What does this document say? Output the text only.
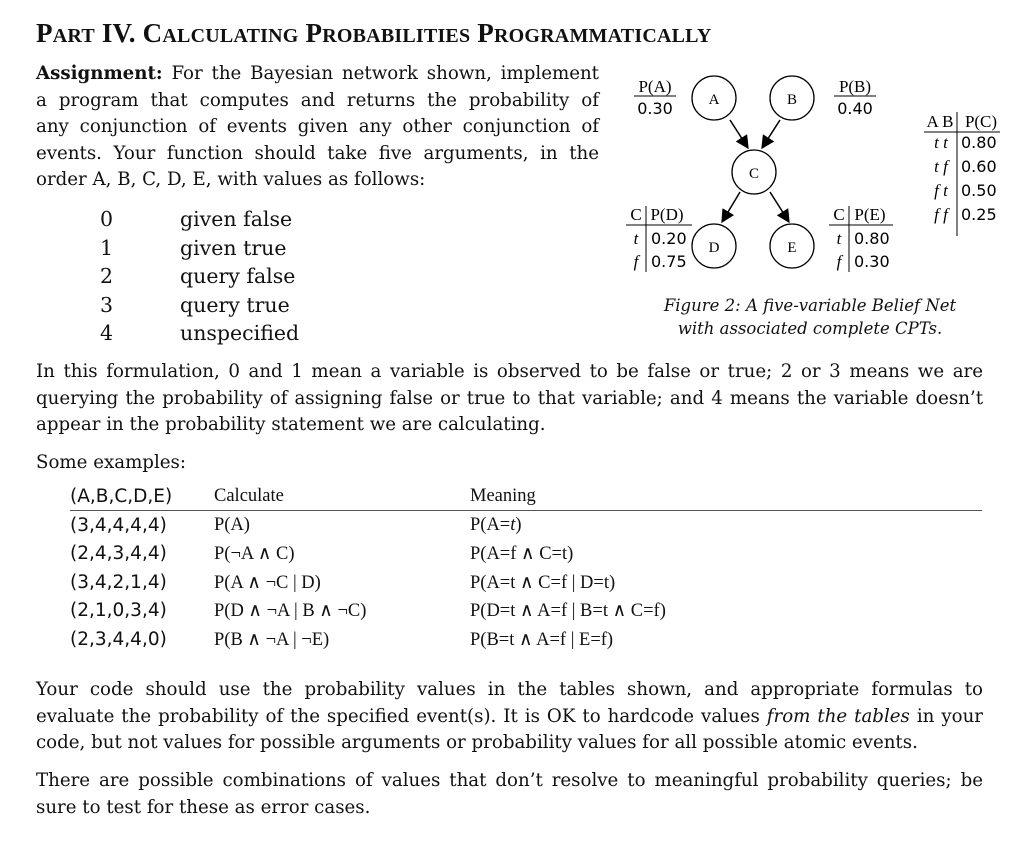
PART IV. CALCULATING PROBABILITIES PROGRAMMATICALLY
Assignment: For the Bayesian network shown, implement
a program that computes and returns the probability of
any conjunction of events given any other conjunction of
events. Your function should take five arguments, in the
order A, B, C, D, E, with values as follows:
0	given false
1	given true
2	query false
3	query true
4	unspecified
A	B
C
D	E
P(A)
0.30
P(B)
0.40
A B P(C)
t t 0.80
t f 0.60
f t 0.50
f f 0.25
C P(D)
t 0.20
f 0.75
C P(E)
t 0.80
f 0.30
Figure 2: A five-variable Belief Net
with associated complete CPTs.
In this formulation, 0 and 1 mean a variable is observed to be false or true; 2 or 3 means we are
querying the probability of assigning false or true to that variable; and 4 means the variable doesn’t
appear in the probability statement we are calculating.
Some examples:
(A,B,C,D,E) Calculate	Meaning
(3,4,4,4,4)	P(A)	P(A=t)
(2,4,3,4,4)	P(¬A ∧ C)	P(A=f ∧ C=t)
(3,4,2,1,4)	P(A ∧ ¬C | D)	P(A=t ∧ C=f | D=t)
(2,1,0,3,4)	P(D ∧ ¬A | B ∧ ¬C)	P(D=t ∧ A=f | B=t ∧ C=f)
(2,3,4,4,0)	P(B ∧ ¬A | ¬E)	P(B=t ∧ A=f | E=f)
Your code should use the probability values in the tables shown, and appropriate formulas to
evaluate the probability of the specified event(s). It is OK to hardcode values from the tables in your
code, but not values for possible arguments or probability values for all possible atomic events.
There are possible combinations of values that don’t resolve to meaningful probability queries; be
sure to test for these as error cases.
